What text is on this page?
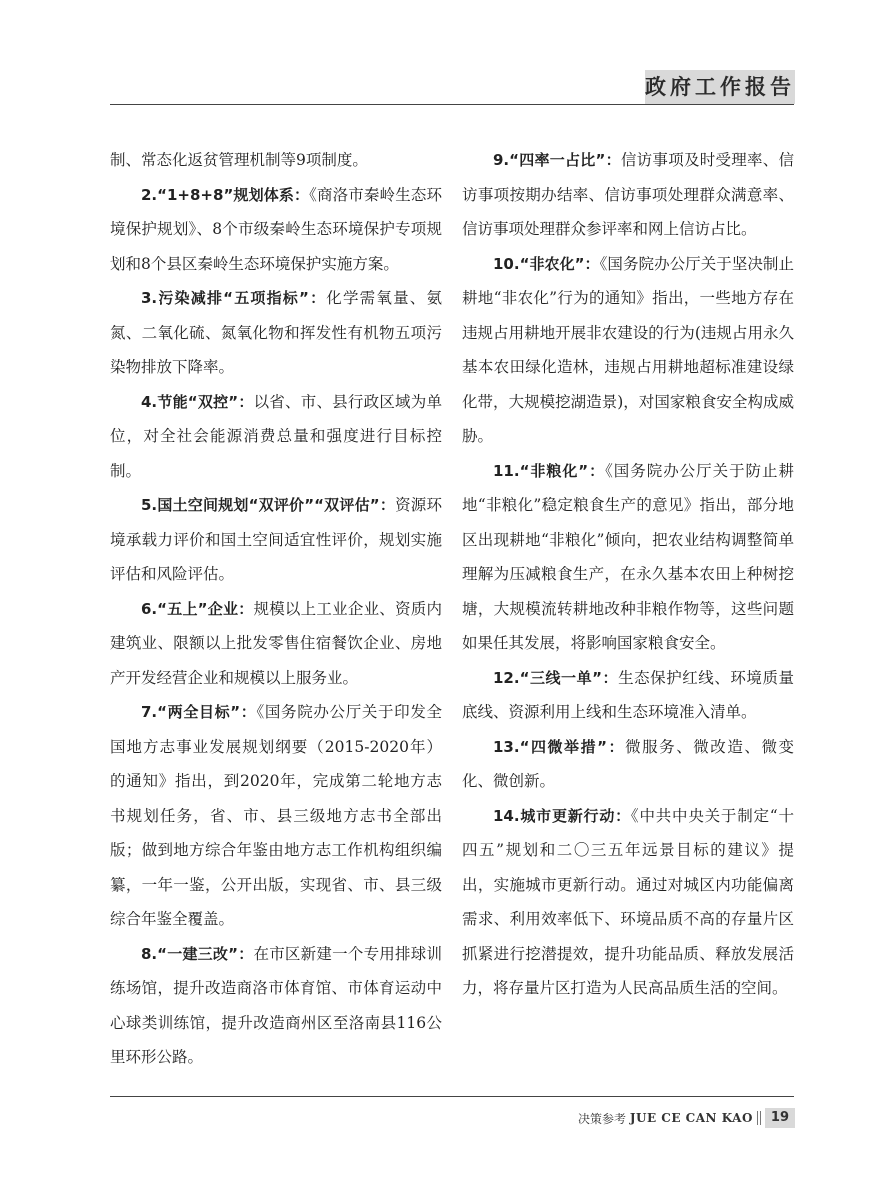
政府工作报告

制、常态化返贫管理机制等9项制度。

2.“1+8+8”规划体系：《商洛市秦岭生态环境保护规划》、8个市级秦岭生态环境保护专项规划和8个县区秦岭生态环境保护实施方案。

3.污染减排“五项指标”：化学需氧量、氨氮、二氧化硫、氮氧化物和挥发性有机物五项污染物排放下降率。

4.节能“双控”：以省、市、县行政区域为单位，对全社会能源消费总量和强度进行目标控制。

5.国土空间规划“双评价”“双评估”：资源环境承载力评价和国土空间适宜性评价，规划实施评估和风险评估。

6.“五上”企业：规模以上工业企业、资质内建筑业、限额以上批发零售住宿餐饮企业、房地产开发经营企业和规模以上服务业。

7.“两全目标”：《国务院办公厅关于印发全国地方志事业发展规划纲要（2015-2020年）的通知》指出，到2020年，完成第二轮地方志书规划任务，省、市、县三级地方志书全部出版；做到地方综合年鉴由地方志工作机构组织编纂，一年一鉴，公开出版，实现省、市、县三级综合年鉴全覆盖。

8.“一建三改”：在市区新建一个专用排球训练场馆，提升改造商洛市体育馆、市体育运动中心球类训练馆，提升改造商州区至洛南县116公里环形公路。

9.“四率一占比”：信访事项及时受理率、信访事项按期办结率、信访事项处理群众满意率、信访事项处理群众参评率和网上信访占比。

10.“非农化”：《国务院办公厅关于坚决制止耕地“非农化”行为的通知》指出，一些地方存在违规占用耕地开展非农建设的行为(违规占用永久基本农田绿化造林，违规占用耕地超标准建设绿化带，大规模挖湖造景)，对国家粮食安全构成威胁。

11.“非粮化”：《国务院办公厅关于防止耕地“非粮化”稳定粮食生产的意见》指出，部分地区出现耕地“非粮化”倾向，把农业结构调整简单理解为压减粮食生产，在永久基本农田上种树挖塘，大规模流转耕地改种非粮作物等，这些问题如果任其发展，将影响国家粮食安全。

12.“三线一单”：生态保护红线、环境质量底线、资源利用上线和生态环境准入清单。

13.“四微举措”：微服务、微改造、微变化、微创新。

14.城市更新行动：《中共中央关于制定“十四五”规划和二〇三五年远景目标的建议》提出，实施城市更新行动。通过对城区内功能偏离需求、利用效率低下、环境品质不高的存量片区抓紧进行挖潜提效，提升功能品质、释放发展活力，将存量片区打造为人民高品质生活的空间。

决策参考
JUE CE CAN KAO	19
